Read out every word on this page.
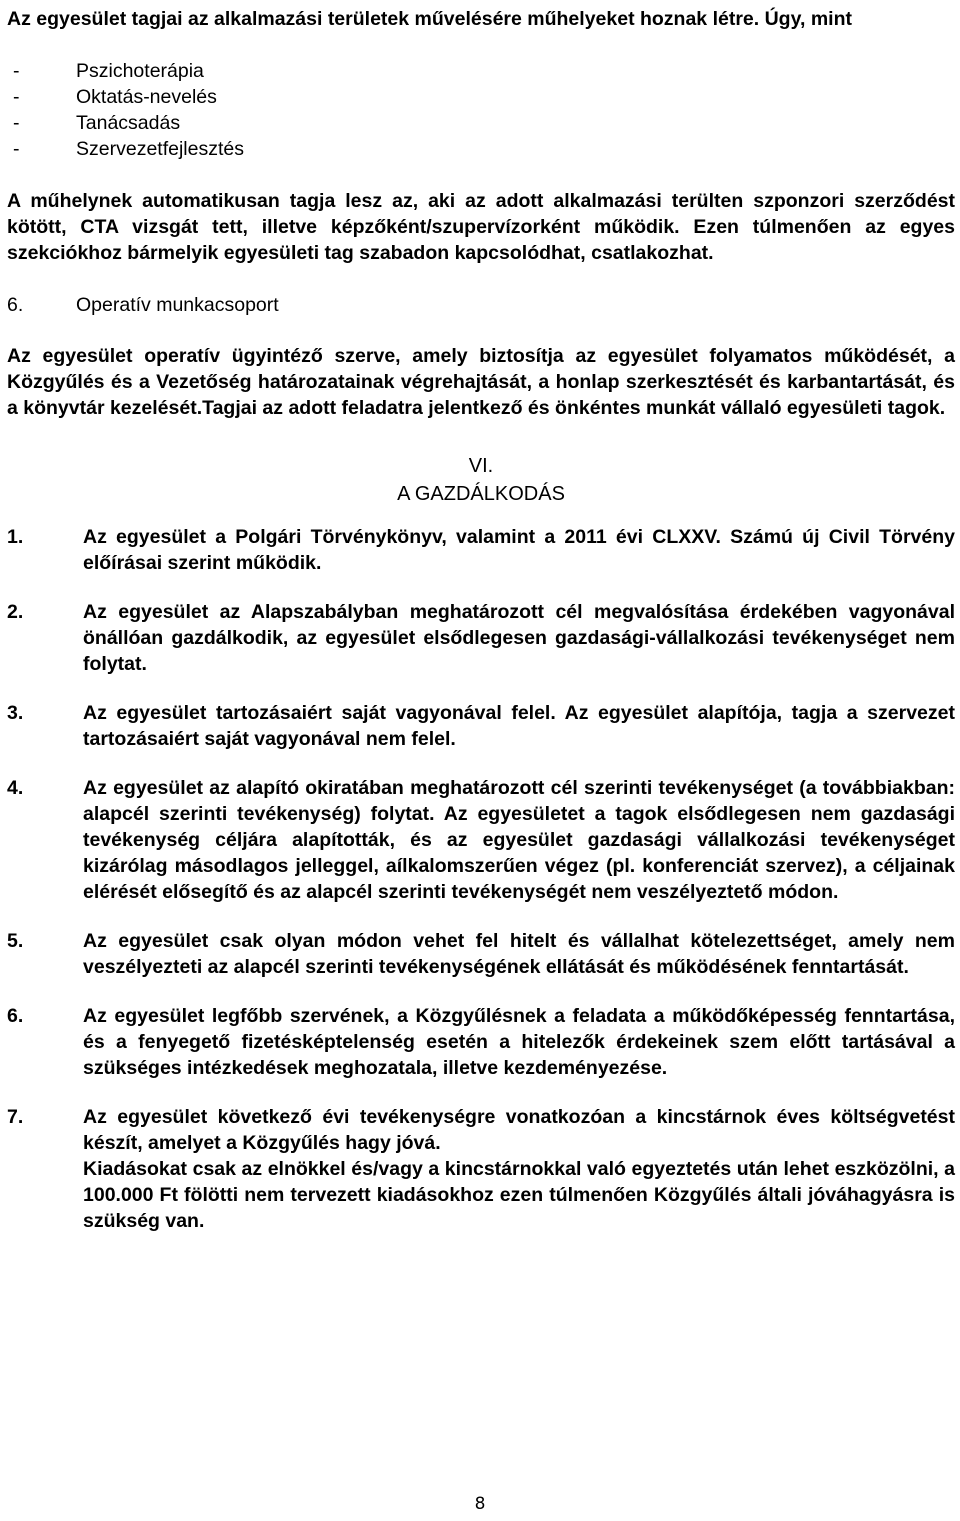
Az egyesület tagjai az alkalmazási területek művelésére műhelyeket hoznak létre. Úgy, mint

-	Pszichoterápia
-	Oktatás-nevelés
-	Tanácsadás
-	Szervezetfejlesztés

A műhelynek automatikusan tagja lesz az, aki az adott alkalmazási terülten szponzori szerződést kötött, CTA vizsgát tett, illetve képzőként/szupervízorként működik. Ezen túlmenően az egyes szekciókhoz bármelyik egyesületi tag szabadon kapcsolódhat, csatlakozhat.

6.	Operatív munkacsoport

Az egyesület operatív ügyintéző szerve, amely biztosítja az egyesület folyamatos működését, a Közgyűlés és a Vezetőség határozatainak végrehajtását, a honlap szerkesztését és karbantartását, és a könyvtár kezelését.Tagjai az adott feladatra jelentkező és önkéntes munkát vállaló egyesületi tagok.

VI.
A GAZDÁLKODÁS
1.	Az egyesület a Polgári Törvénykönyv, valamint a 2011 évi CLXXV. Számú új Civil Törvény előírásai szerint működik.
2.	Az egyesület az Alapszabályban meghatározott cél megvalósítása érdekében vagyonával önállóan gazdálkodik, az egyesület elsődlegesen gazdasági-vállalkozási tevékenységet nem folytat.
3.	Az egyesület tartozásaiért saját vagyonával felel. Az egyesület alapítója, tagja a szervezet tartozásaiért saját vagyonával nem felel.
4.	Az egyesület az alapító okiratában meghatározott cél szerinti tevékenységet (a továbbiakban: alapcél szerinti tevékenység) folytat. Az egyesületet a tagok elsődlegesen nem gazdasági tevékenység céljára alapították, és az egyesület gazdasági vállalkozási tevékenységet kizárólag másodlagos jelleggel, aílkalomszerűen végez (pl. konferenciát szervez), a céljainak elérését elősegítő és az alapcél szerinti tevékenységét nem veszélyeztető módon.
5.	Az egyesület csak olyan módon vehet fel hitelt és vállalhat kötelezettséget, amely nem veszélyezteti az alapcél szerinti tevékenységének ellátását és működésének fenntartását.
6.	Az egyesület legfőbb szervének, a Közgyűlésnek a feladata a működőképesség fenntartása, és a fenyegető fizetésképtelenség esetén a hitelezők érdekeinek szem előtt tartásával a szükséges intézkedések meghozatala, illetve kezdeményezése.
7.	Az egyesület következő évi tevékenységre vonatkozóan a kincstárnok éves költségvetést készít, amelyet a Közgyűlés hagy jóvá.
Kiadásokat csak az elnökkel és/vagy a kincstárnokkal való egyeztetés után lehet eszközölni, a 100.000 Ft fölötti nem tervezett kiadásokhoz ezen túlmenően Közgyűlés általi jóváhagyásra is szükség van.
8
